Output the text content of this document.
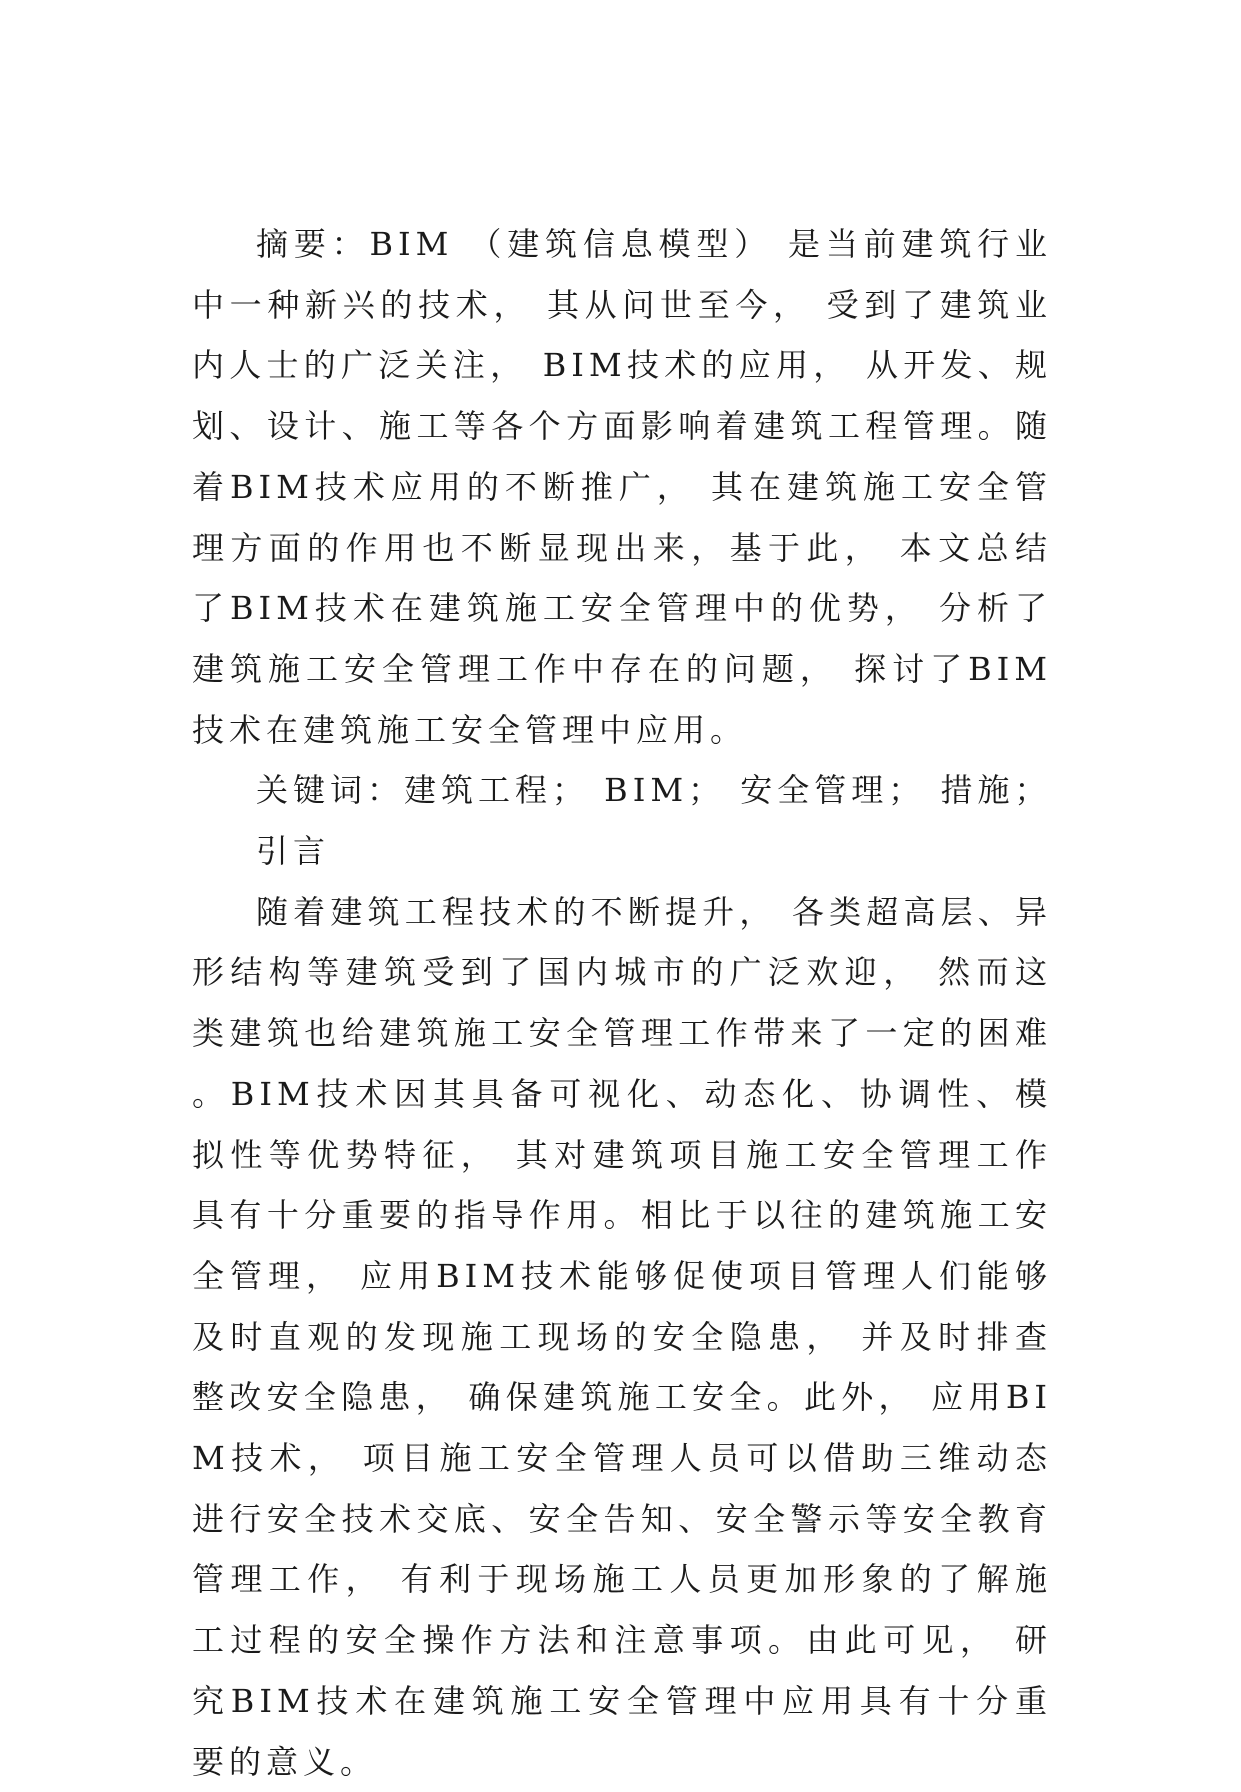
摘要：BIM （建筑信息模型） 是当前建筑行业中一种新兴的技术， 其从问世至今， 受到了建筑业内人士的广泛关注， BIM技术的应用， 从开发、规划、设计、施工等各个方面影响着建筑工程管理。随着BIM技术应用的不断推广， 其在建筑施工安全管理方面的作用也不断显现出来，基于此， 本文总结了BIM技术在建筑施工安全管理中的优势， 分析了建筑施工安全管理工作中存在的问题， 探讨了BIM技术在建筑施工安全管理中应用。

关键词：建筑工程； BIM； 安全管理； 措施；

引言

随着建筑工程技术的不断提升， 各类超高层、异形结构等建筑受到了国内城市的广泛欢迎， 然而这类建筑也给建筑施工安全管理工作带来了一定的困难。BIM技术因其具备可视化、动态化、协调性、模拟性等优势特征， 其对建筑项目施工安全管理工作具有十分重要的指导作用。相比于以往的建筑施工安全管理， 应用BIM技术能够促使项目管理人们能够及时直观的发现施工现场的安全隐患， 并及时排查整改安全隐患， 确保建筑施工安全。此外， 应用BIM技术， 项目施工安全管理人员可以借助三维动态进行安全技术交底、安全告知、安全警示等安全教育管理工作， 有利于现场施工人员更加形象的了解施工过程的安全操作方法和注意事项。由此可见， 研究BIM技术在建筑施工安全管理中应用具有十分重要的意义。
